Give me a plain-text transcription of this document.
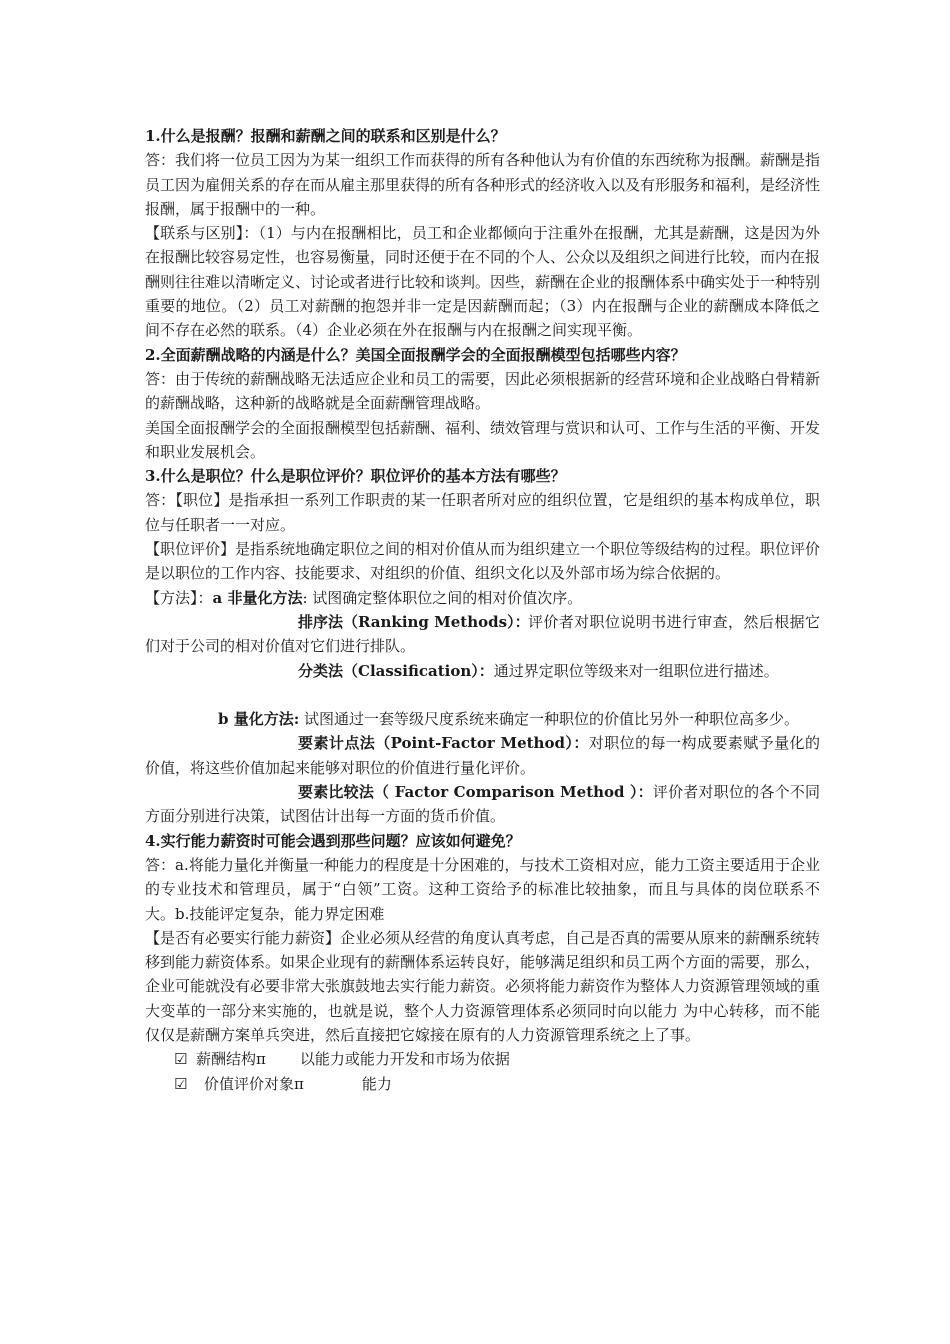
1.什么是报酬？报酬和薪酬之间的联系和区别是什么？

答：我们将一位员工因为为某一组织工作而获得的所有各种他认为有价值的东西统称为报酬。薪酬是指员工因为雇佣关系的存在而从雇主那里获得的所有各种形式的经济收入以及有形服务和福利，是经济性报酬，属于报酬中的一种。

【联系与区别】：（1）与内在报酬相比，员工和企业都倾向于注重外在报酬，尤其是薪酬，这是因为外在报酬比较容易定性，也容易衡量，同时还便于在不同的个人、公众以及组织之间进行比较，而内在报酬则往往难以清晰定义、讨论或者进行比较和谈判。因些，薪酬在企业的报酬体系中确实处于一种特别重要的地位。（2）员工对薪酬的抱怨并非一定是因薪酬而起；（3）内在报酬与企业的薪酬成本降低之间不存在必然的联系。（4）企业必须在外在报酬与内在报酬之间实现平衡。

2.全面薪酬战略的内涵是什么？美国全面报酬学会的全面报酬模型包括哪些内容？

答：由于传统的薪酬战略无法适应企业和员工的需要，因此必须根据新的经营环境和企业战略白骨精新的薪酬战略，这种新的战略就是全面薪酬管理战略。

美国全面报酬学会的全面报酬模型包括薪酬、福利、绩效管理与赏识和认可、工作与生活的平衡、开发和职业发展机会。

3.什么是职位？什么是职位评价？职位评价的基本方法有哪些？

答：【职位】是指承担一系列工作职责的某一任职者所对应的组织位置，它是组织的基本构成单位，职位与任职者一一对应。

【职位评价】是指系统地确定职位之间的相对价值从而为组织建立一个职位等级结构的过程。职位评价是以职位的工作内容、技能要求、对组织的价值、组织文化以及外部市场为综合依据的。

【方法】：a 非量化方法: 试图确定整体职位之间的相对价值次序。

排序法（Ranking Methods）：

评价者对职位说明书进行审查，然后根据它们对于公司的相对价值对它们进行排队。

分类法（Classification）：通过界定职位等级来对一组职位进行描述。

b 量化方法: 试图通过一套等级尺度系统来确定一种职位的价值比另外一种职位高多少。

要素计点法（Point-Factor Method）：对职位的每一构成要素赋予量化的价值，将这些价值加起来能够对职位的价值进行量化评价。

要素比较法（ Factor Comparison Method ）：评价者对职位的各个不同方面分别进行决策，试图估计出每一方面的货币价值。

4.实行能力薪资时可能会遇到那些问题？应该如何避免？

答：a.将能力量化并衡量一种能力的程度是十分困难的，与技术工资相对应，能力工资主要适用于企业的专业技术和管理员，属于“白领”工资。这种工资给予的标准比较抽象，而且与具体的岗位联系不大。b.技能评定复杂，能力界定困难

【是否有必要实行能力薪资】企业必须从经营的角度认真考虑，自己是否真的需要从原来的薪酬系统转移到能力薪资体系。如果企业现有的薪酬体系运转良好，能够满足组织和员工两个方面的需要，那么，企业可能就没有必要非常大张旗鼓地去实行能力薪资。必须将能力薪资作为整体人力资源管理领域的重大变革的一部分来实施的，也就是说，整个人力资源管理体系必须同时向以能力 为中心转移，而不能仅仅是薪酬方案单兵突进，然后直接把它嫁接在原有的人力资源管理系统之上了事。

☑ 薪酬结构π 以能力或能力开发和市场为依据

☑ 价值评价对象π	能力
